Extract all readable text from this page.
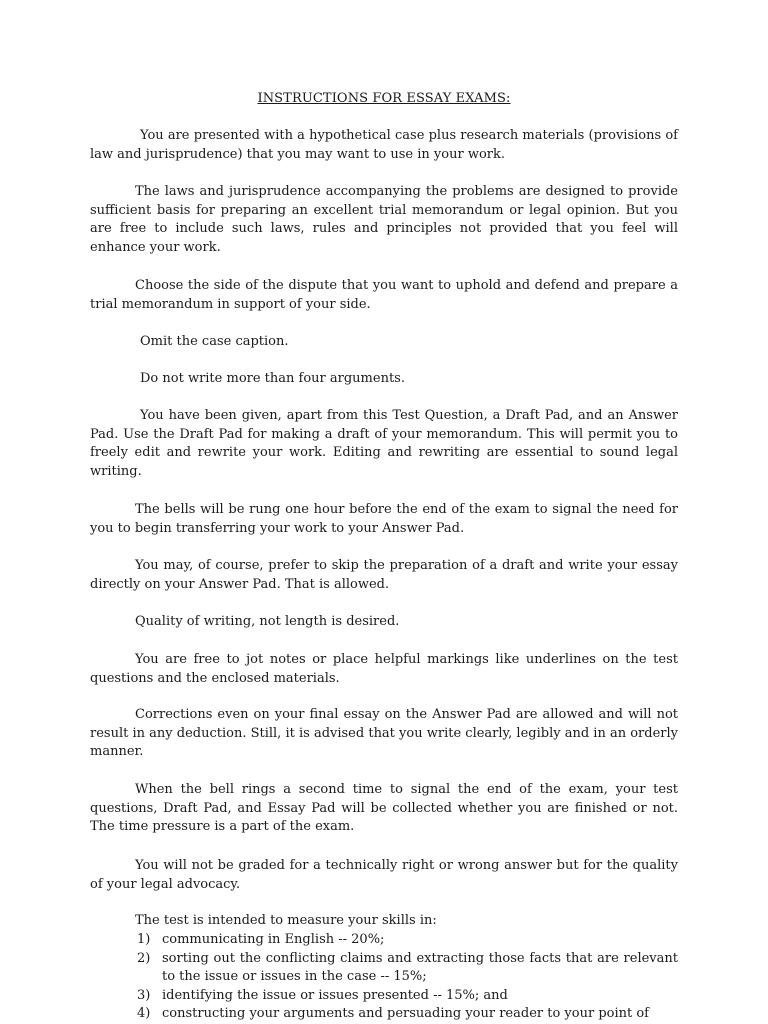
INSTRUCTIONS FOR ESSAY EXAMS:

You are presented with a hypothetical case plus research materials (provisions of law and jurisprudence) that you may want to use in your work.

The laws and jurisprudence accompanying the problems are designed to provide sufficient basis for preparing an excellent trial memorandum or legal opinion. But you are free to include such laws, rules and principles not provided that you feel will enhance your work.

Choose the side of the dispute that you want to uphold and defend and prepare a trial memorandum in support of your side.

Omit the case caption.

Do not write more than four arguments.

You have been given, apart from this Test Question, a Draft Pad, and an Answer Pad. Use the Draft Pad for making a draft of your memorandum. This will permit you to freely edit and rewrite your work. Editing and rewriting are essential to sound legal writing.

The bells will be rung one hour before the end of the exam to signal the need for you to begin transferring your work to your Answer Pad.

You may, of course, prefer to skip the preparation of a draft and write your essay directly on your Answer Pad. That is allowed.

Quality of writing, not length is desired.

You are free to jot notes or place helpful markings like underlines on the test questions and the enclosed materials.

Corrections even on your final essay on the Answer Pad are allowed and will not result in any deduction. Still, it is advised that you write clearly, legibly and in an orderly manner.

When the bell rings a second time to signal the end of the exam, your test questions, Draft Pad, and Essay Pad will be collected whether you are finished or not. The time pressure is a part of the exam.

You will not be graded for a technically right or wrong answer but for the quality of your legal advocacy.

The test is intended to measure your skills in:

1) communicating in English -- 20%;
2) sorting out the conflicting claims and extracting those facts that are relevant to the issue or issues in the case -- 15%;
3) identifying the issue or issues presented -- 15%; and
4) constructing your arguments and persuading your reader to your point of
